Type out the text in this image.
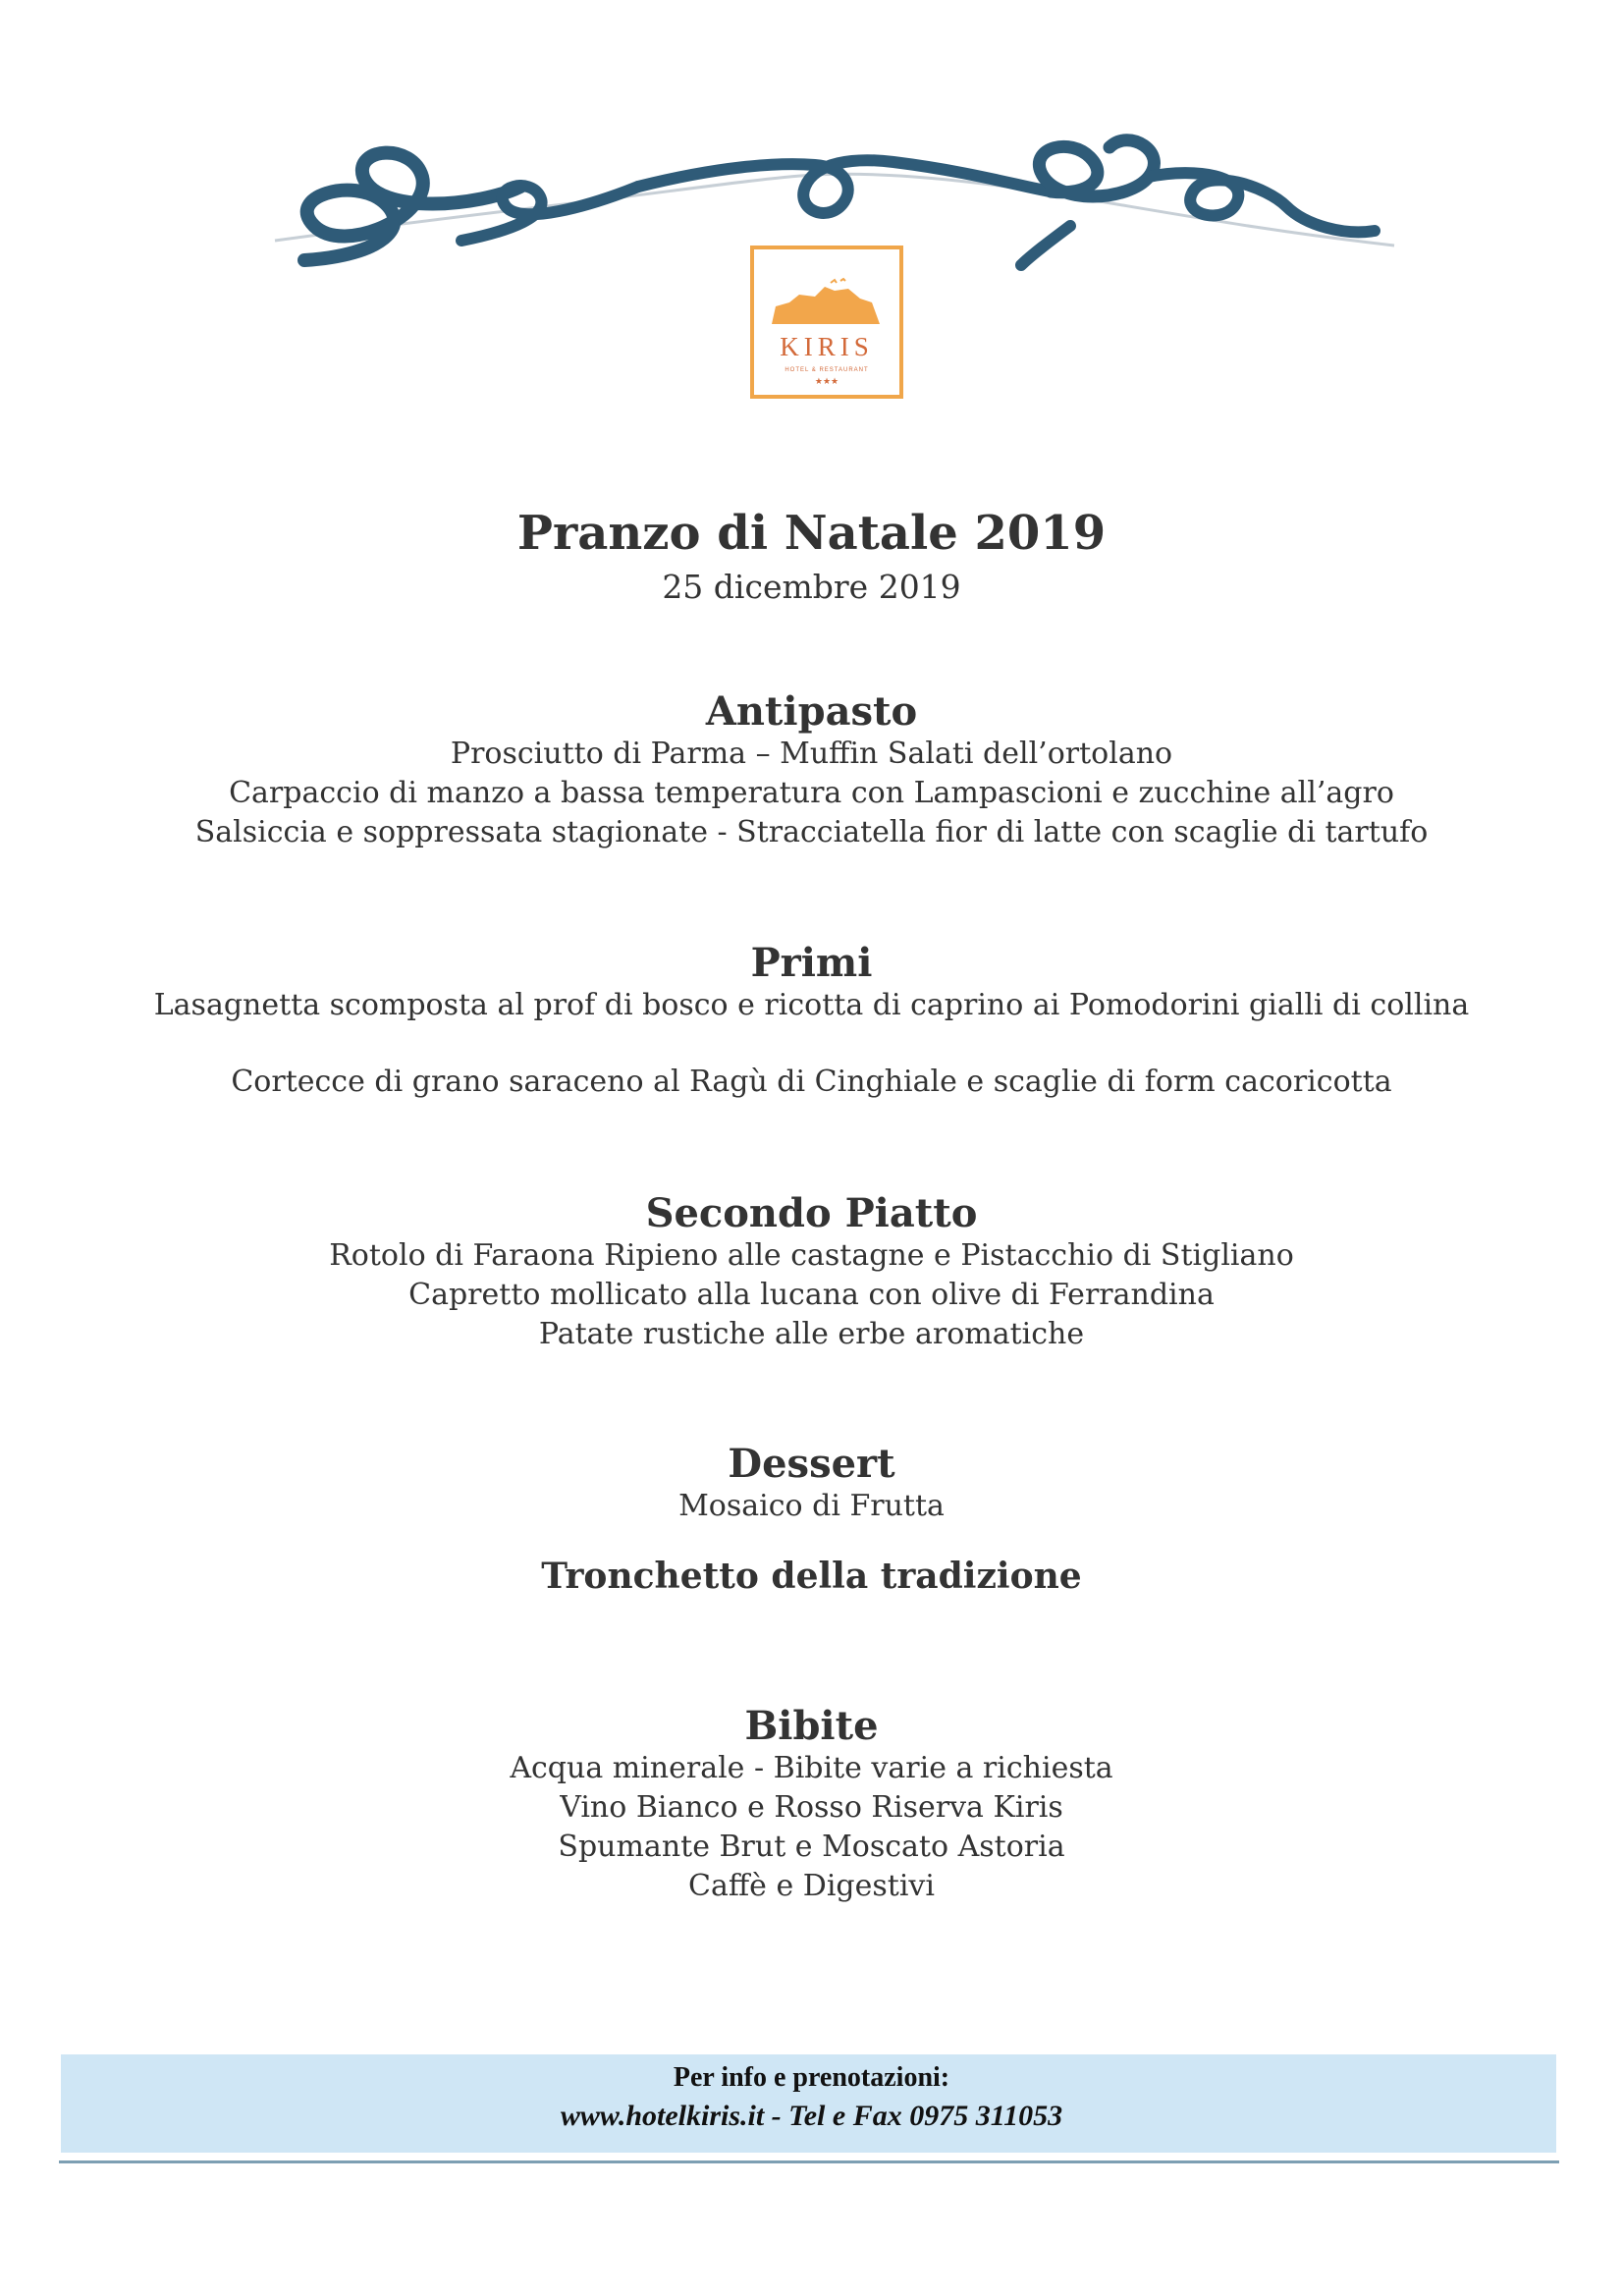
KIRIS
HOTEL & RESTAURANT
★★★
Pranzo di Natale 2019
25 dicembre 2019
Antipasto
Prosciutto di Parma – Muffin Salati dell’ortolano
Carpaccio di manzo a bassa temperatura con Lampascioni e zucchine all’agro
Salsiccia e soppressata stagionate - Stracciatella fior di latte con scaglie di tartufo
Primi
Lasagnetta scomposta al prof di bosco e ricotta di caprino ai Pomodorini gialli di collina
Cortecce di grano saraceno al Ragù di Cinghiale e scaglie di form cacoricotta
Secondo Piatto
Rotolo di Faraona Ripieno alle castagne e Pistacchio di Stigliano
Capretto mollicato alla lucana con olive di Ferrandina
Patate rustiche alle erbe aromatiche
Dessert
Mosaico di Frutta
Tronchetto della tradizione
Bibite
Acqua minerale - Bibite varie a richiesta
Vino Bianco e Rosso Riserva Kiris
Spumante Brut e Moscato Astoria
Caffè e Digestivi
Per info e prenotazioni:
www.hotelkiris.it - Tel e Fax 0975 311053
